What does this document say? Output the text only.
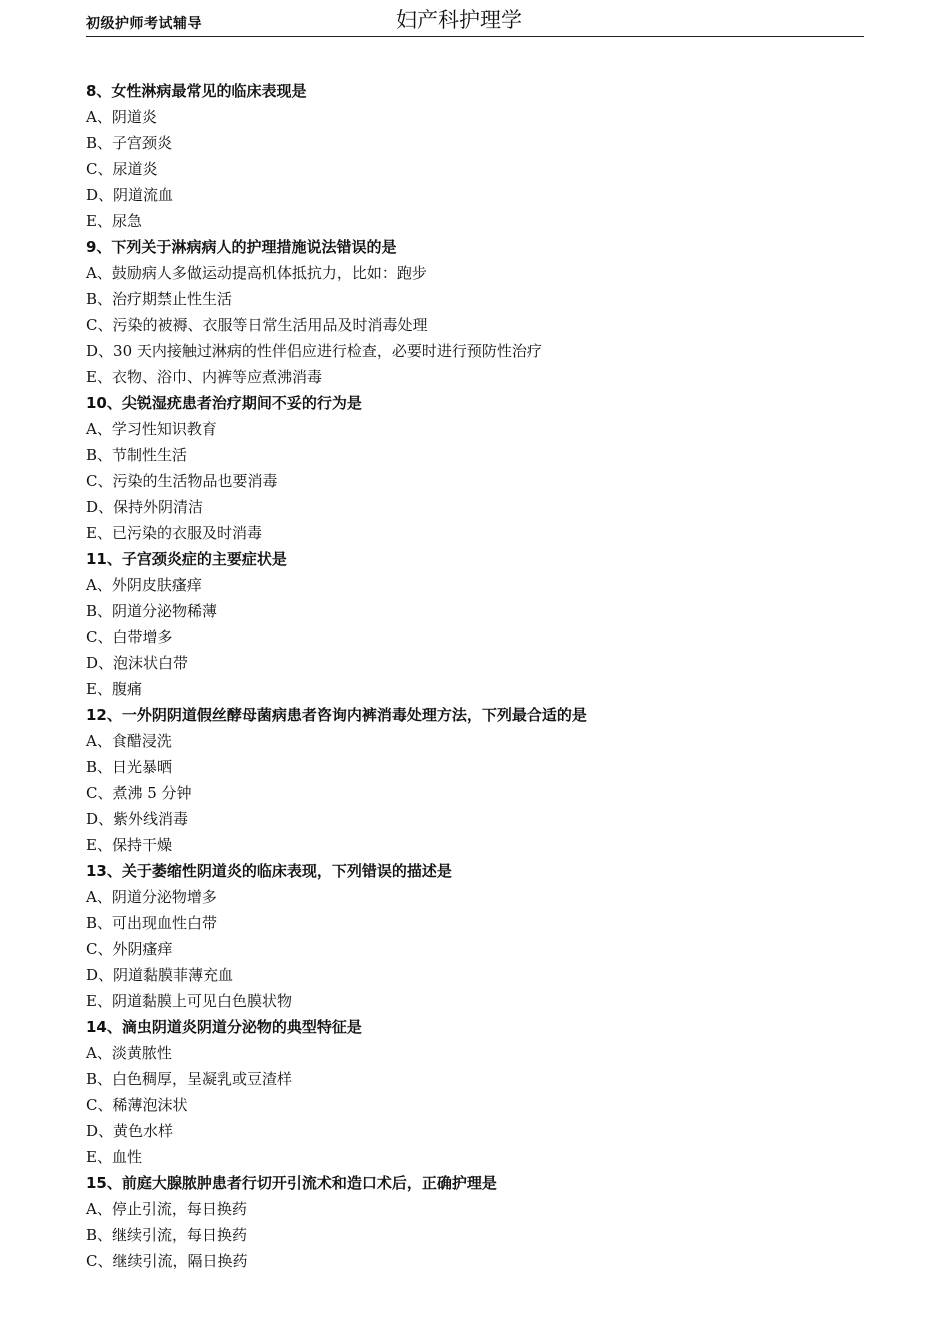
初级护师考试辅导	妇产科护理学
8、女性淋病最常见的临床表现是
A、阴道炎
B、子宫颈炎
C、尿道炎
D、阴道流血
E、尿急
9、下列关于淋病病人的护理措施说法错误的是
A、鼓励病人多做运动提高机体抵抗力，比如：跑步
B、治疗期禁止性生活
C、污染的被褥、衣服等日常生活用品及时消毒处理
D、30 天内接触过淋病的性伴侣应进行检查，必要时进行预防性治疗
E、衣物、浴巾、内裤等应煮沸消毒
10、尖锐湿疣患者治疗期间不妥的行为是
A、学习性知识教育
B、节制性生活
C、污染的生活物品也要消毒
D、保持外阴清洁
E、已污染的衣服及时消毒
11、子宫颈炎症的主要症状是
A、外阴皮肤瘙痒
B、阴道分泌物稀薄
C、白带增多
D、泡沫状白带
E、腹痛
12、一外阴阴道假丝酵母菌病患者咨询内裤消毒处理方法，下列最合适的是
A、食醋浸洗
B、日光暴晒
C、煮沸 5 分钟
D、紫外线消毒
E、保持干燥
13、关于萎缩性阴道炎的临床表现，下列错误的描述是
A、阴道分泌物增多
B、可出现血性白带
C、外阴瘙痒
D、阴道黏膜菲薄充血
E、阴道黏膜上可见白色膜状物
14、滴虫阴道炎阴道分泌物的典型特征是
A、淡黄脓性
B、白色稠厚，呈凝乳或豆渣样
C、稀薄泡沫状
D、黄色水样
E、血性
15、前庭大腺脓肿患者行切开引流术和造口术后，正确护理是
A、停止引流，每日换药
B、继续引流，每日换药
C、继续引流，隔日换药
